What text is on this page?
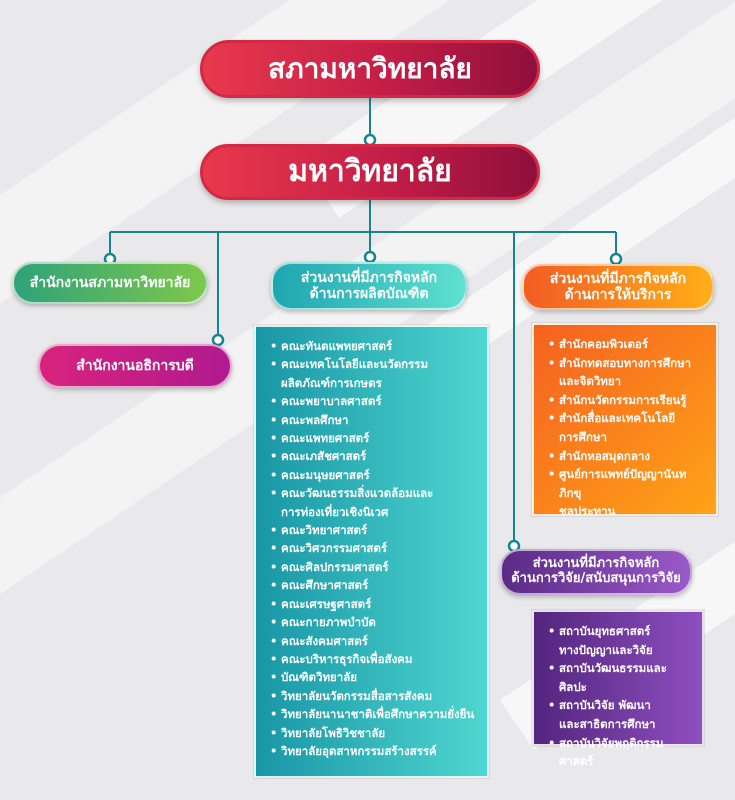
สภามหาวิทยาลัย
มหาวิทยาลัย
สำนักงานสภามหาวิทยาลัย
สำนักงานอธิการบดี
ส่วนงานที่มีภารกิจหลัก
ด้านการผลิตบัณฑิต
ส่วนงานที่มีภารกิจหลัก
ด้านการให้บริการ
ส่วนงานที่มีภารกิจหลัก
ด้านการวิจัย/สนับสนุนการวิจัย
• คณะทันตแพทยศาสตร์
• คณะเทคโนโลยีและนวัตกรรม
ผลิตภัณฑ์การเกษตร
• คณะพยาบาลศาสตร์
• คณะพลศึกษา
• คณะแพทยศาสตร์
• คณะเภสัชศาสตร์
• คณะมนุษยศาสตร์
• คณะวัฒนธรรมสิ่งแวดล้อมและ
การท่องเที่ยวเชิงนิเวศ
• คณะวิทยาศาสตร์
• คณะวิศวกรรมศาสตร์
• คณะศิลปกรรมศาสตร์
• คณะศึกษาศาสตร์
• คณะเศรษฐศาสตร์
• คณะกายภาพบำบัด
• คณะสังคมศาสตร์
• คณะบริหารธุรกิจเพื่อสังคม
• บัณฑิตวิทยาลัย
• วิทยาลัยนวัตกรรมสื่อสารสังคม
• วิทยาลัยนานาชาติเพื่อศึกษาความยั่งยืน
• วิทยาลัยโพธิวิชชาลัย
• วิทยาลัยอุตสาหกรรมสร้างสรรค์
• สำนักคอมพิวเตอร์
• สำนักทดสอบทางการศึกษา
และจิตวิทยา
• สำนักนวัตกรรมการเรียนรู้
• สำนักสื่อและเทคโนโลยี
การศึกษา
• สำนักหอสมุดกลาง
• ศูนย์การแพทย์ปัญญานันทภิกขุ
ชลประทาน
• สถาบันยุทธศาสตร์
ทางปัญญาและวิจัย
• สถาบันวัฒนธรรมและศิลปะ
• สถาบันวิจัย พัฒนา
และสาธิตการศึกษา
• สถาบันวิจัยพฤติกรรมศาสตร์
